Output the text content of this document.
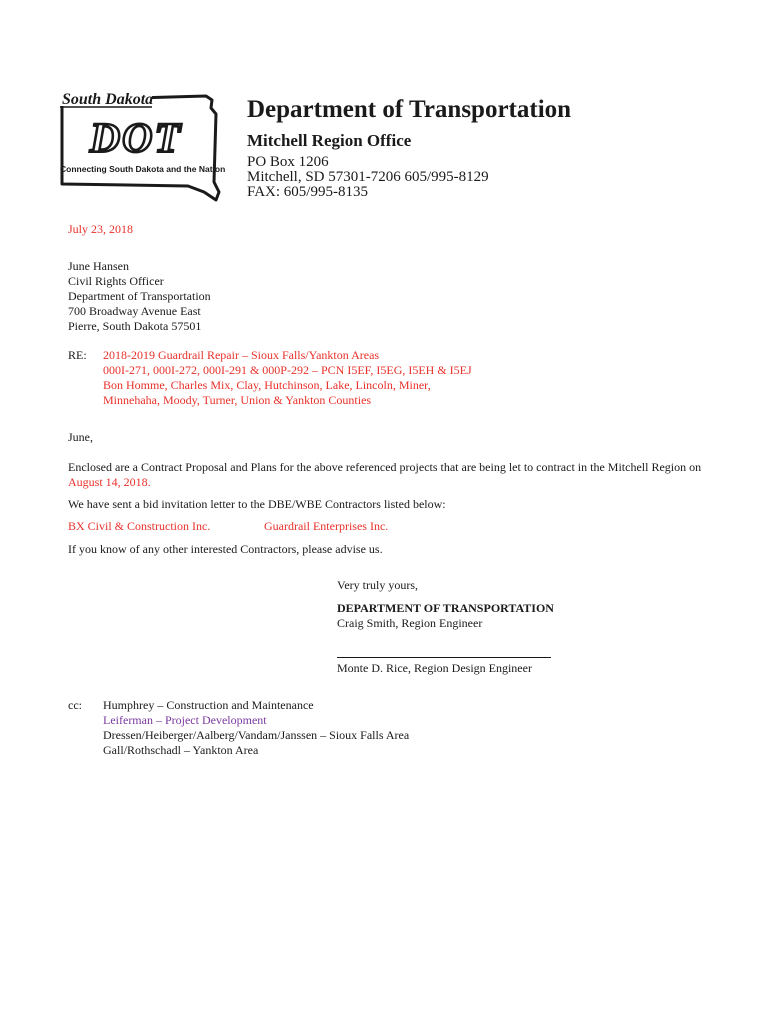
DOT
South Dakota
Connecting South Dakota and the Nation
Department of Transportation
Mitchell Region Office
PO Box 1206
Mitchell, SD 57301-7206 605/995-8129
FAX: 605/995-8135
July 23, 2018
June Hansen
Civil Rights Officer
Department of Transportation
700 Broadway Avenue East
Pierre, South Dakota 57501
RE: 2018-2019 Guardrail Repair – Sioux Falls/Yankton Areas
000I-271, 000I-272, 000I-291 & 000P-292 – PCN I5EF, I5EG, I5EH & I5EJ
Bon Homme, Charles Mix, Clay, Hutchinson, Lake, Lincoln, Miner,
Minnehaha, Moody, Turner, Union & Yankton Counties
June,
Enclosed are a Contract Proposal and Plans for the above referenced projects that are being let to contract in the Mitchell Region on August 14, 2018.
We have sent a bid invitation letter to the DBE/WBE Contractors listed below:
BX Civil & Construction Inc.	Guardrail Enterprises Inc.
If you know of any other interested Contractors, please advise us.
Very truly yours,
DEPARTMENT OF TRANSPORTATION
Craig Smith, Region Engineer
Monte D. Rice, Region Design Engineer
cc: Humphrey – Construction and Maintenance
Leiferman – Project Development
Dressen/Heiberger/Aalberg/Vandam/Janssen – Sioux Falls Area
Gall/Rothschadl – Yankton Area
